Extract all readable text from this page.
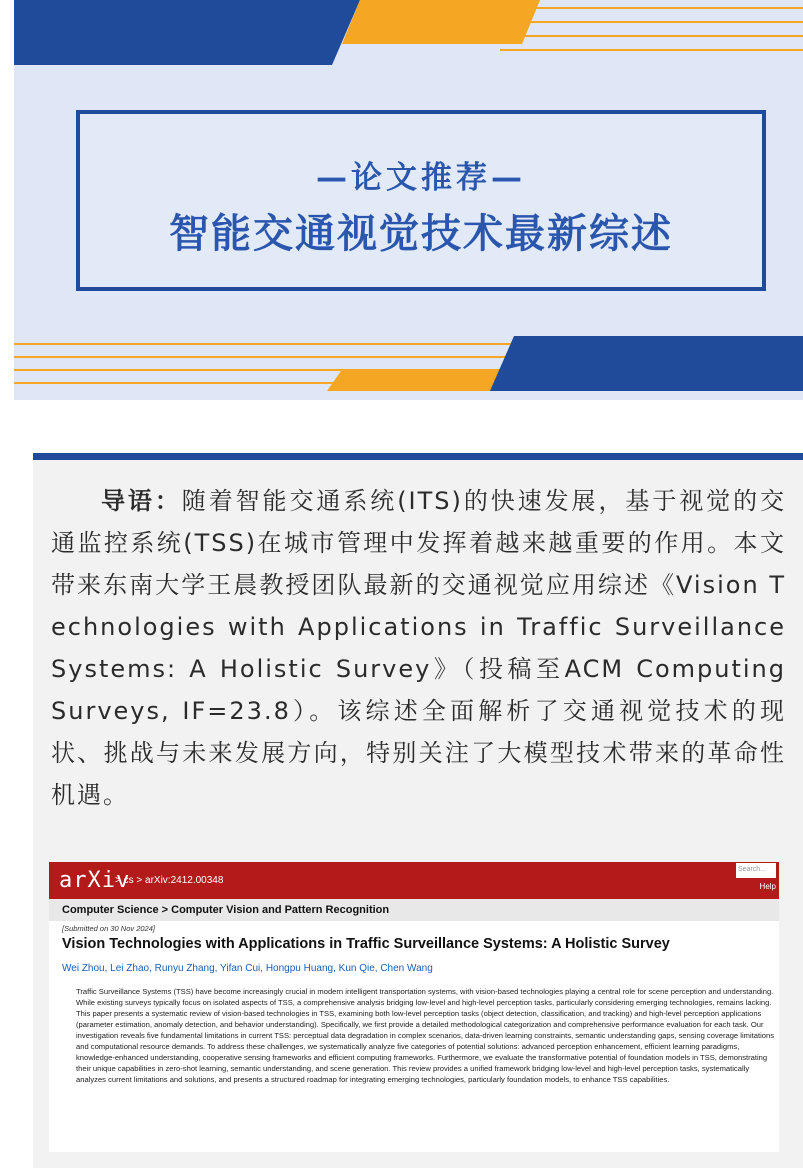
—论文推荐—
智能交通视觉技术最新综述

导语：随着智能交通系统(ITS)的快速发展，基于视觉的交通监控系统(TSS)在城市管理中发挥着越来越重要的作用。本文带来东南大学王晨教授团队最新的交通视觉应用综述《Vision Technologies with Applications in Traffic Surveillance Systems: A Holistic Survey》（投稿至ACM Computing Surveys, IF=23.8）。该综述全面解析了交通视觉技术的现状、挑战与未来发展方向，特别关注了大模型技术带来的革命性机遇。

arXiv
> cs > arXiv:2412.00348
Search...
Help
Computer Science > Computer Vision and Pattern Recognition
[Submitted on 30 Nov 2024]
Vision Technologies with Applications in Traffic Surveillance Systems: A Holistic Survey
Wei Zhou, Lei Zhao, Runyu Zhang, Yifan Cui, Hongpu Huang, Kun Qie, Chen Wang
Traffic Surveillance Systems (TSS) have become increasingly crucial in modern intelligent transportation systems, with vision-based technologies playing a central role for scene perception and understanding. While existing surveys typically focus on isolated aspects of TSS, a comprehensive analysis bridging low-level and high-level perception tasks, particularly considering emerging technologies, remains lacking. This paper presents a systematic review of vision-based technologies in TSS, examining both low-level perception tasks (object detection, classification, and tracking) and high-level perception applications (parameter estimation, anomaly detection, and behavior understanding). Specifically, we first provide a detailed methodological categorization and comprehensive performance evaluation for each task. Our investigation reveals five fundamental limitations in current TSS: perceptual data degradation in complex scenarios, data-driven learning constraints, semantic understanding gaps, sensing coverage limitations and computational resource demands. To address these challenges, we systematically analyze five categories of potential solutions: advanced perception enhancement, efficient learning paradigms, knowledge-enhanced understanding, cooperative sensing frameworks and efficient computing frameworks. Furthermore, we evaluate the transformative potential of foundation models in TSS, demonstrating their unique capabilities in zero-shot learning, semantic understanding, and scene generation. This review provides a unified framework bridging low-level and high-level perception tasks, systematically analyzes current limitations and solutions, and presents a structured roadmap for integrating emerging technologies, particularly foundation models, to enhance TSS capabilities.
